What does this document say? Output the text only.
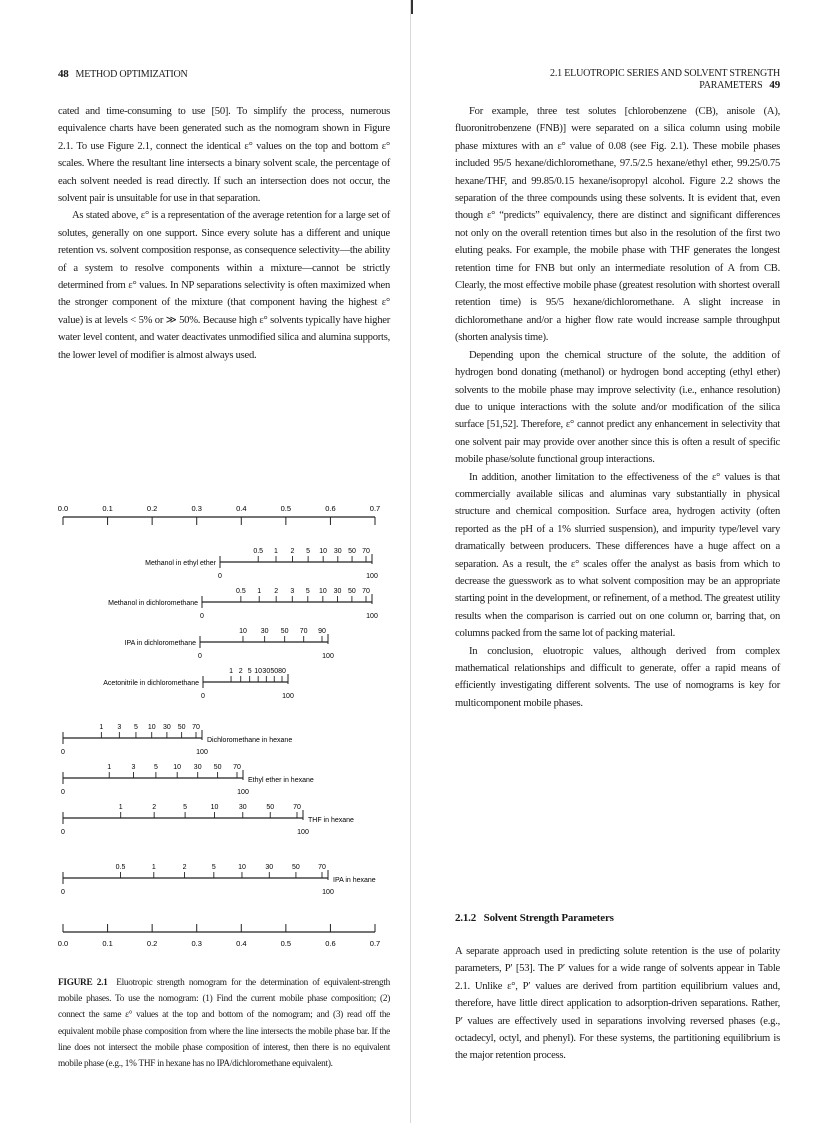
48 METHOD OPTIMIZATION	2.1 ELUOTROPIC SERIES AND SOLVENT STRENGTH PARAMETERS 49

cated and time-consuming to use [50]. To simplify the process, numerous equivalence charts have been generated such as the nomogram shown in Figure 2.1. To use Figure 2.1, connect the identical ε° values on the top and bottom ε° scales. Where the resultant line intersects a binary solvent scale, the percentage of each solvent needed is read directly. If such an intersection does not occur, the solvent pair is unsuitable for use in that separation.

As stated above, ε° is a representation of the average retention for a large set of solutes, generally on one support. Since every solute has a different and unique retention vs. solvent composition response, as consequence selectivity—the ability of a system to resolve components within a mixture—cannot be strictly determined from ε° values. In NP separations selectivity is often maximized when the stronger component of the mixture (that component having the highest ε° value) is at levels < 5% or ≫ 50%. Because high ε° solvents typically have higher water level content, and water deactivates unmodified silica and alumina supports, the lower level of modifier is almost always used.

0.0	0.1	0.2	0.3	0.4	0.5	0.6	0.7
0.0	0.1	0.2	0.3	0.4	0.5	0.6	0.7
0.5 1 2 5 10 30 50 70
0	100
Methanol in ethyl ether
0.5 1 2 3 5 10 30 50 70
0	100
Methanol in dichloromethane
10 30 50 70 90
0	100
IPA in dichloromethane
1 2 5 10 30 50 80
0	100
Acetonitrile in dichloromethane
1 3 5 10 30 50 70
0	100
Dichloromethane in hexane
1	3	5 10 30 50 70
0	100
Ethyl ether in hexane
1	2	5	10	30	50	70
0	100
THF in hexane
0.5	1	2	5	10	30	50	70
0	100
IPA in hexane
FIGURE 2.1 Eluotropic strength nomogram for the determination of equivalent-strength mobile phases. To use the nomogram: (1) Find the current mobile phase composition; (2) connect the same ε° values at the top and bottom of the nomogram; and (3) read off the equivalent mobile phase composition from where the line intersects the mobile phase bar. If the line does not intersect the mobile phase composition of interest, then there is no equivalent mobile phase (e.g., 1% THF in hexane has no IPA/dichloromethane equivalent).

For example, three test solutes [chlorobenzene (CB), anisole (A), fluoronitrobenzene (FNB)] were separated on a silica column using mobile phase mixtures with an ε° value of 0.08 (see Fig. 2.1). These mobile phases included 95/5 hexane/dichloromethane, 97.5/2.5 hexane/ethyl ether, 99.25/0.75 hexane/THF, and 99.85/0.15 hexane/isopropyl alcohol. Figure 2.2 shows the separation of the three compounds using these solvents. It is evident that, even though ε° “predicts” equivalency, there are distinct and significant differences not only on the overall retention times but also in the resolution of the first two eluting peaks. For example, the mobile phase with THF generates the longest retention time for FNB but only an intermediate resolution of A from CB. Clearly, the most effective mobile phase (greatest resolution with shortest overall retention time) is 95/5 hexane/dichloromethane. A slight increase in dichloromethane and/or a higher flow rate would increase sample throughput (shorten analysis time).

Depending upon the chemical structure of the solute, the addition of hydrogen bond donating (methanol) or hydrogen bond accepting (ethyl ether) solvents to the mobile phase may improve selectivity (i.e., enhance resolution) due to unique interactions with the solute and/or modification of the silica surface [51,52]. Therefore, ε° cannot predict any enhancement in selectivity that one solvent pair may provide over another since this is often a result of specific mobile phase/solute functional group interactions.

In addition, another limitation to the effectiveness of the ε° values is that commercially available silicas and aluminas vary substantially in physical structure and chemical composition. Surface area, hydrogen activity (often reported as the pH of a 1% slurried suspension), and impurity type/level vary dramatically between producers. These differences have a huge affect on a separation. As a result, the ε° scales offer the analyst as basis from which to decrease the guesswork as to what solvent composition may be an appropriate starting point in the development, or refinement, of a method. The greatest utility results when the comparison is carried out on one column or, barring that, on columns packed from the same lot of packing material.

In conclusion, eluotropic values, although derived from complex mathematical relationships and difficult to generate, offer a rapid means of efficiently investigating different solvents. The use of nomograms is key for multicomponent mobile phases.

2.1.2 Solvent Strength Parameters

A separate approach used in predicting solute retention is the use of polarity parameters, P′ [53]. The P′ values for a wide range of solvents appear in Table 2.1. Unlike ε°, P′ values are derived from partition equilibrium values and, therefore, have little direct application to adsorption-driven separations. Rather, P′ values are effectively used in separations involving reversed phases (e.g., octadecyl, octyl, and phenyl). For these systems, the partitioning equilibrium is the major retention process.
